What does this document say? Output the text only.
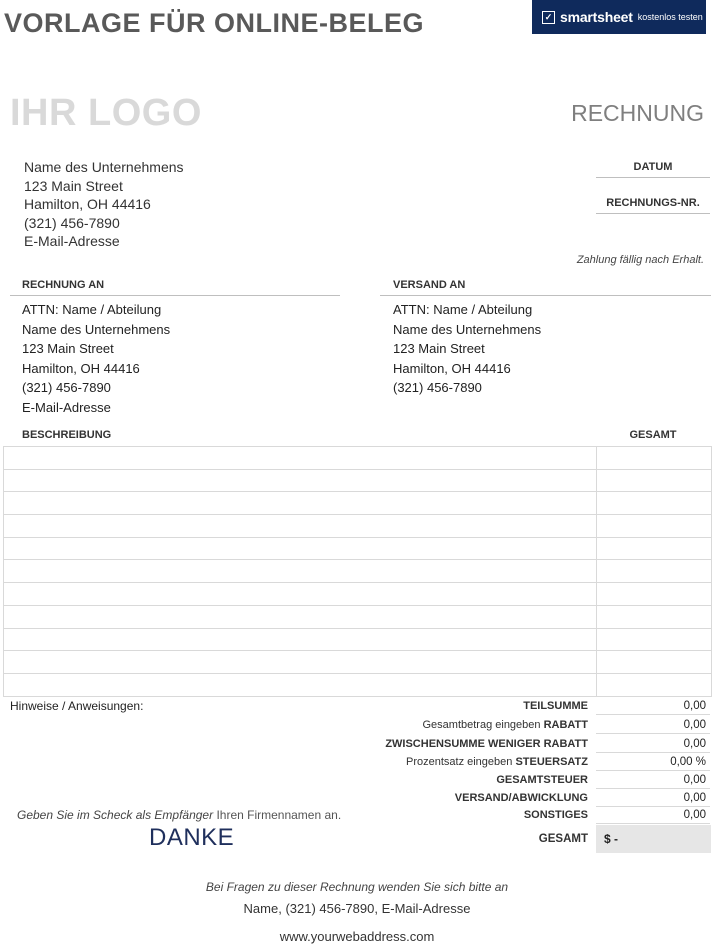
VORLAGE FÜR ONLINE-BELEG	✓ smartsheet kostenlos testen
IHR LOGO	RECHNUNG
Name des Unternehmens
123 Main Street
Hamilton, OH 44416
(321) 456-7890
E-Mail-Adresse
DATUM
RECHNUNGS-NR.
Zahlung fällig nach Erhalt.
RECHNUNG AN	VERSAND AN
ATTN: Name / Abteilung
Name des Unternehmens
123 Main Street
Hamilton, OH 44416
(321) 456-7890
E-Mail-Adresse
ATTN: Name / Abteilung
Name des Unternehmens
123 Main Street
Hamilton, OH 44416
(321) 456-7890
BESCHREIBUNG	GESAMT

Hinweise / Anweisungen:	TEILSUMME	0,00
Gesamtbetrag eingeben RABATT	0,00
ZWISCHENSUMME WENIGER RABATT	0,00
Prozentsatz eingeben STEUERSATZ	0,00 %
GESAMTSTEUER	0,00
VERSAND/ABWICKLUNG	0,00
SONSTIGES	0,00
GESAMT	$ -
Geben Sie im Scheck als Empfänger Ihren Firmennamen an.
DANKE
Bei Fragen zu dieser Rechnung wenden Sie sich bitte an
Name, (321) 456-7890, E-Mail-Adresse
www.yourwebaddress.com
